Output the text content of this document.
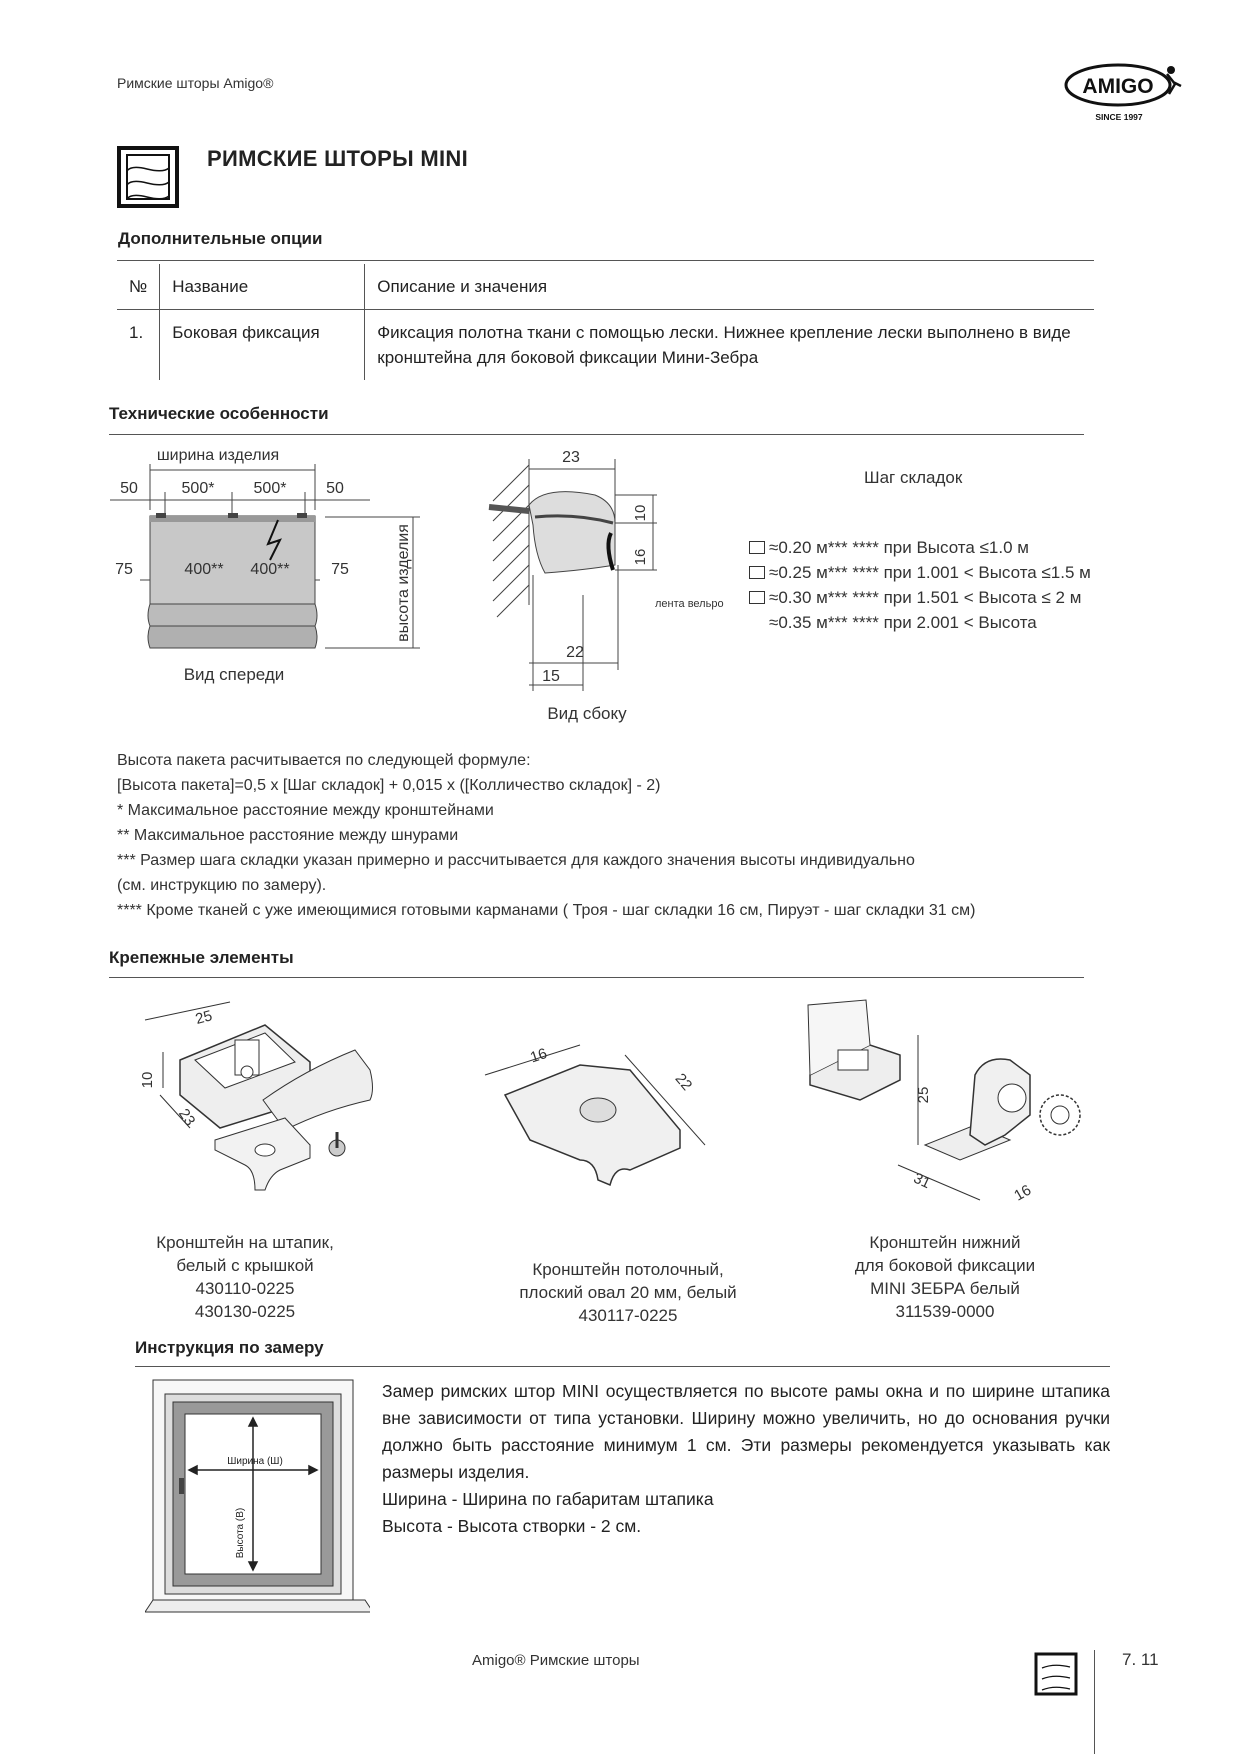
Римские шторы Amigo®	AMIGO
SINCE 1997
РИМСКИЕ ШТОРЫ MINI
Дополнительные опции
№	Название	Описание и значения
1.	Боковая фиксация	Фиксация полотна ткани с помощью лески. Нижнее крепление лески выполнено в виде кронштейна для боковой фиксации Мини-Зебра
Технические особенности
ширина изделия
50	500* 500* 50
75	400** 400**	75	высота изделия
Вид спереди
23
10
16
лента вельро
22
15
Вид сбоку
Шаг складок
≈0.20 м*** **** при Высота ≤1.0 м
≈0.25 м*** **** при 1.001 < Высота ≤1.5 м
≈0.30 м*** **** при 1.501 < Высота ≤ 2 м
≈0.35 м*** **** при 2.001 < Высота
Высота пакета расчитывается по следующей формуле:
[Высота пакета]=0,5 х [Шаг складок] + 0,015 х ([Колличество складок] - 2)
* Максимальное расстояние между кронштейнами
** Максимальное расстояние между шнурами
*** Размер шага складки указан примерно и рассчитывается для каждого значения высоты индивидуально
(см. инструкцию по замеру).
**** Кроме тканей с уже имеющимися готовыми карманами ( Троя - шаг складки 16 см, Пируэт - шаг складки 31 см)
Крепежные элементы
25
10
23
Кронштейн на штапик,
белый с крышкой
430110-0225
430130-0225
16
22
Кронштейн потолочный,
плоский овал 20 мм, белый
430117-0225
25
31
16
Кронштейн нижний
для боковой фиксации
MINI ЗЕБРА белый
311539-0000
Инструкция по замеру
Ширина (Ш)
Высота (В)

Замер римских штор MINI осуществляется по высоте рамы окна и по ширине штапика вне зависимости от типа установки. Ширину можно увеличить, но до основания ручки должно быть расстояние минимум 1 см. Эти размеры рекомендуется указывать как размеры изделия.

Ширина - Ширина по габаритам штапика

Высота - Высота створки - 2 см.

Amigo® Римские шторы	7. 11
